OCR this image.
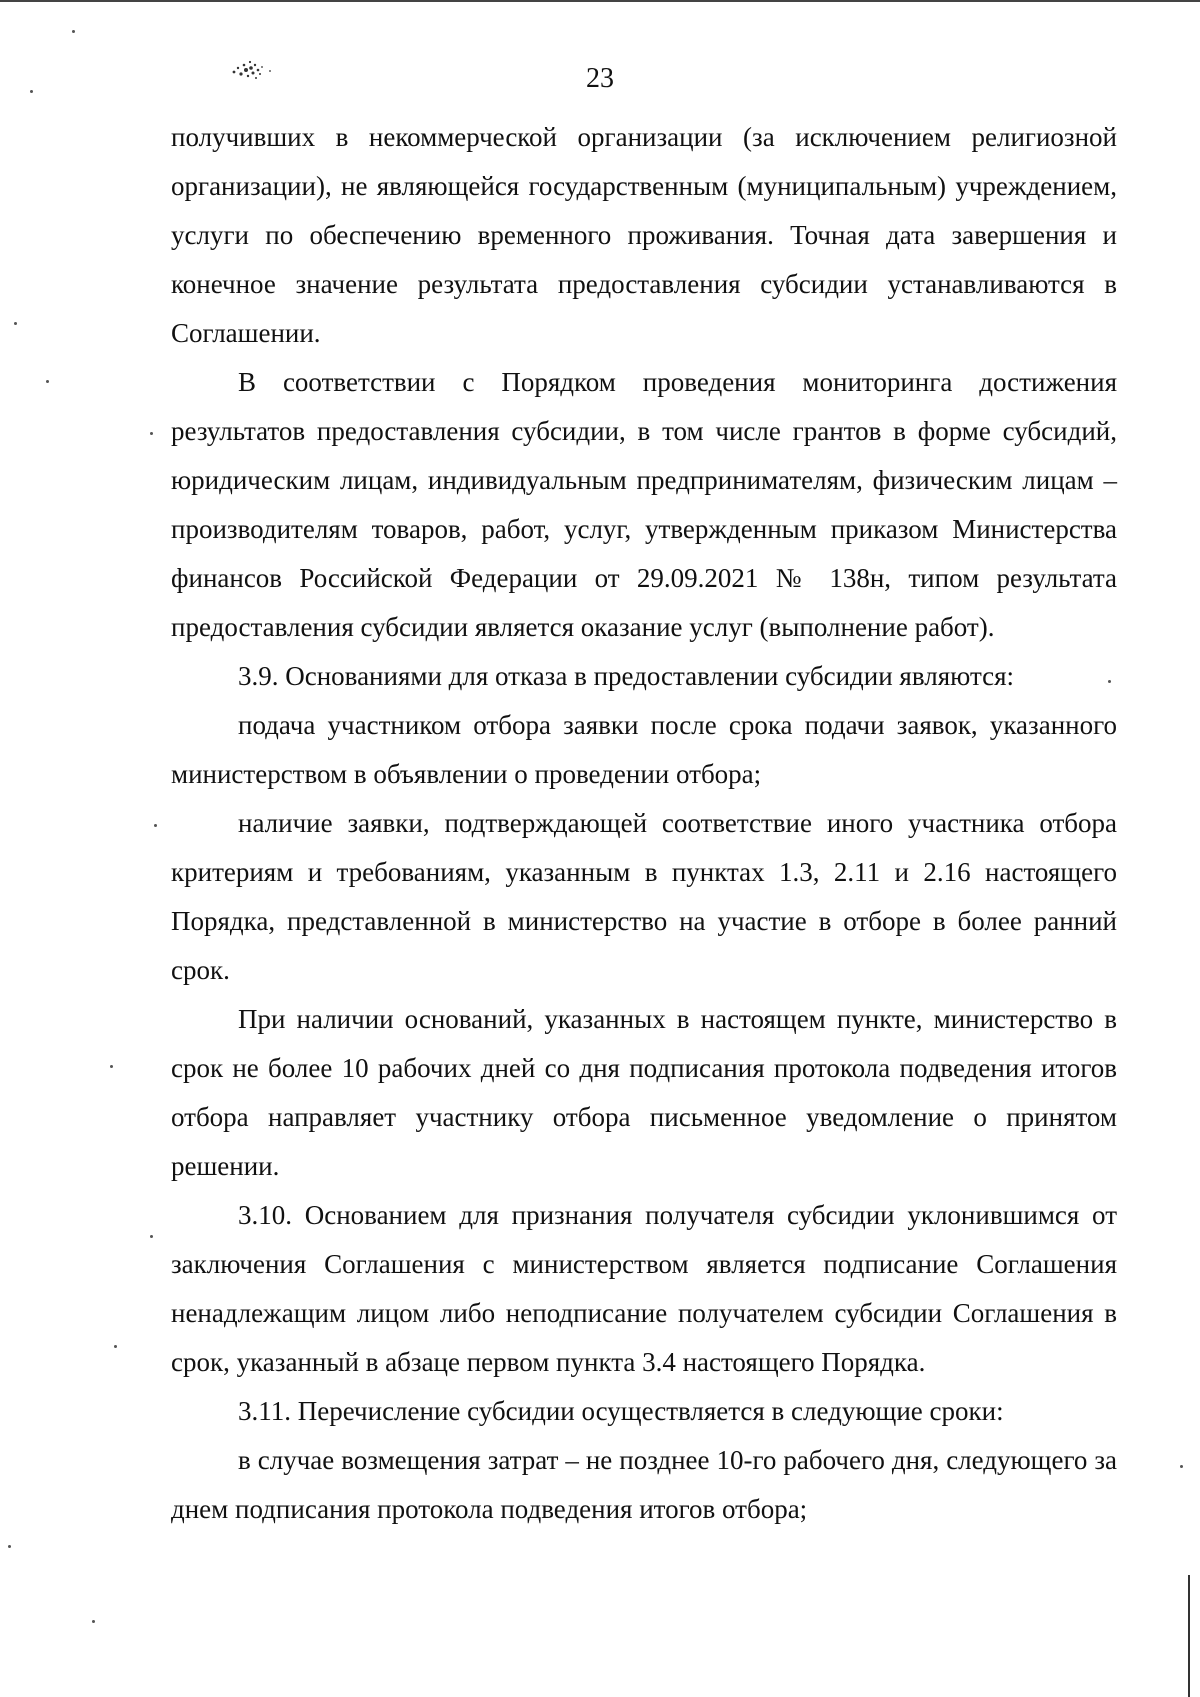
23

получивших в некоммерческой организации (за исключением религиозной организации), не являющейся государственным (муниципальным) учреждением, услуги по обеспечению временного проживания. Точная дата завершения и конечное значение результата предоставления субсидии устанавливаются в Соглашении.

В соответствии с Порядком проведения мониторинга достижения результатов предоставления субсидии, в том числе грантов в форме субсидий, юридическим лицам, индивидуальным предпринимателям, физическим лицам – производителям товаров, работ, услуг, утвержденным приказом Министерства финансов Российской Федерации от 29.09.2021 № 138н, типом результата предоставления субсидии является оказание услуг (выполнение работ).

3.9. Основаниями для отказа в предоставлении субсидии являются:

подача участником отбора заявки после срока подачи заявок, указанного министерством в объявлении о проведении отбора;

наличие заявки, подтверждающей соответствие иного участника отбора критериям и требованиям, указанным в пунктах 1.3, 2.11 и 2.16 настоящего Порядка, представленной в министерство на участие в отборе в более ранний срок.

При наличии оснований, указанных в настоящем пункте, министерство в срок не более 10 рабочих дней со дня подписания протокола подведения итогов отбора направляет участнику отбора письменное уведомление о принятом решении.

3.10. Основанием для признания получателя субсидии уклонившимся от заключения Соглашения с министерством является подписание Соглашения ненадлежащим лицом либо неподписание получателем субсидии Соглашения в срок, указанный в абзаце первом пункта 3.4 настоящего Порядка.

3.11. Перечисление субсидии осуществляется в следующие сроки:

в случае возмещения затрат – не позднее 10-го рабочего дня, следующего за днем подписания протокола подведения итогов отбора;
